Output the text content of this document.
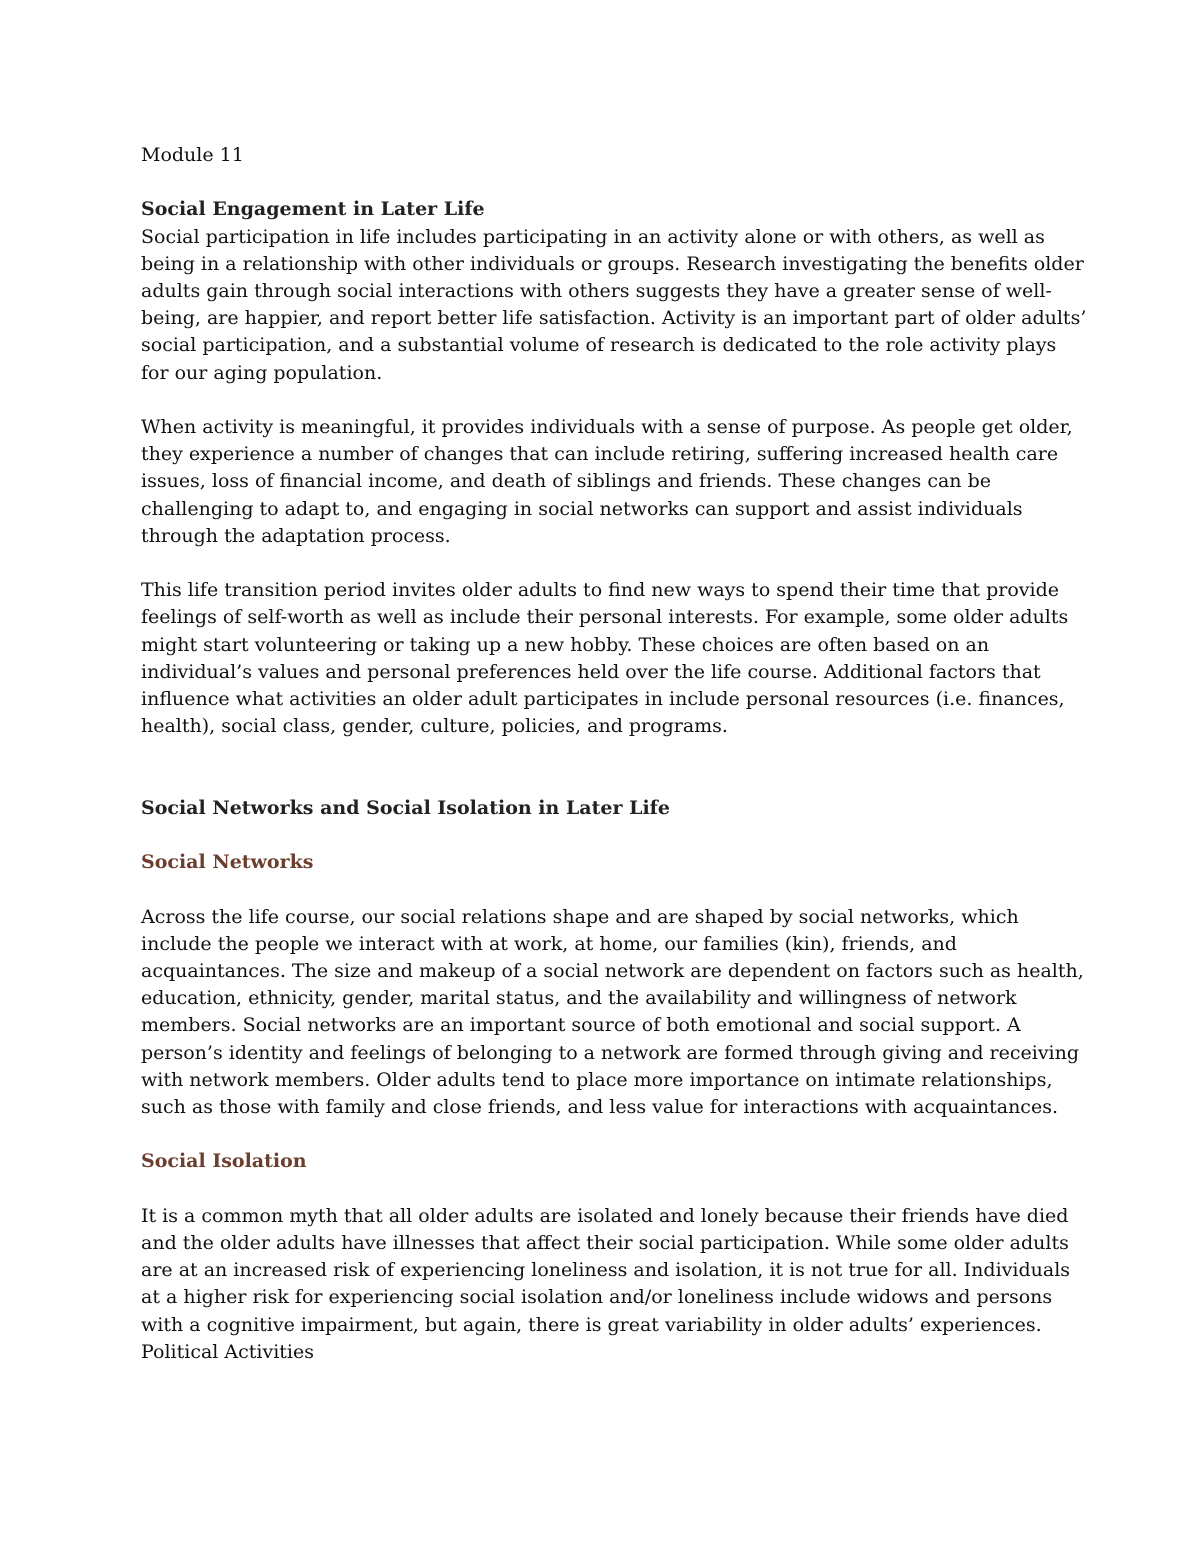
Module 11
Social Engagement in Later Life
Social participation in life includes participating in an activity alone or with others, as well as
being in a relationship with other individuals or groups. Research investigating the benefits older
adults gain through social interactions with others suggests they have a greater sense of well-
being, are happier, and report better life satisfaction. Activity is an important part of older adults’
social participation, and a substantial volume of research is dedicated to the role activity plays
for our aging population.
When activity is meaningful, it provides individuals with a sense of purpose. As people get older,
they experience a number of changes that can include retiring, suffering increased health care
issues, loss of financial income, and death of siblings and friends. These changes can be
challenging to adapt to, and engaging in social networks can support and assist individuals
through the adaptation process.
This life transition period invites older adults to find new ways to spend their time that provide
feelings of self-worth as well as include their personal interests. For example, some older adults
might start volunteering or taking up a new hobby. These choices are often based on an
individual’s values and personal preferences held over the life course. Additional factors that
influence what activities an older adult participates in include personal resources (i.e. finances,
health), social class, gender, culture, policies, and programs.
Social Networks and Social Isolation in Later Life
Social Networks
Across the life course, our social relations shape and are shaped by social networks, which
include the people we interact with at work, at home, our families (kin), friends, and
acquaintances. The size and makeup of a social network are dependent on factors such as health,
education, ethnicity, gender, marital status, and the availability and willingness of network
members. Social networks are an important source of both emotional and social support. A
person’s identity and feelings of belonging to a network are formed through giving and receiving
with network members. Older adults tend to place more importance on intimate relationships,
such as those with family and close friends, and less value for interactions with acquaintances.
Social Isolation
It is a common myth that all older adults are isolated and lonely because their friends have died
and the older adults have illnesses that affect their social participation. While some older adults
are at an increased risk of experiencing loneliness and isolation, it is not true for all. Individuals
at a higher risk for experiencing social isolation and/or loneliness include widows and persons
with a cognitive impairment, but again, there is great variability in older adults’ experiences.
Political Activities
